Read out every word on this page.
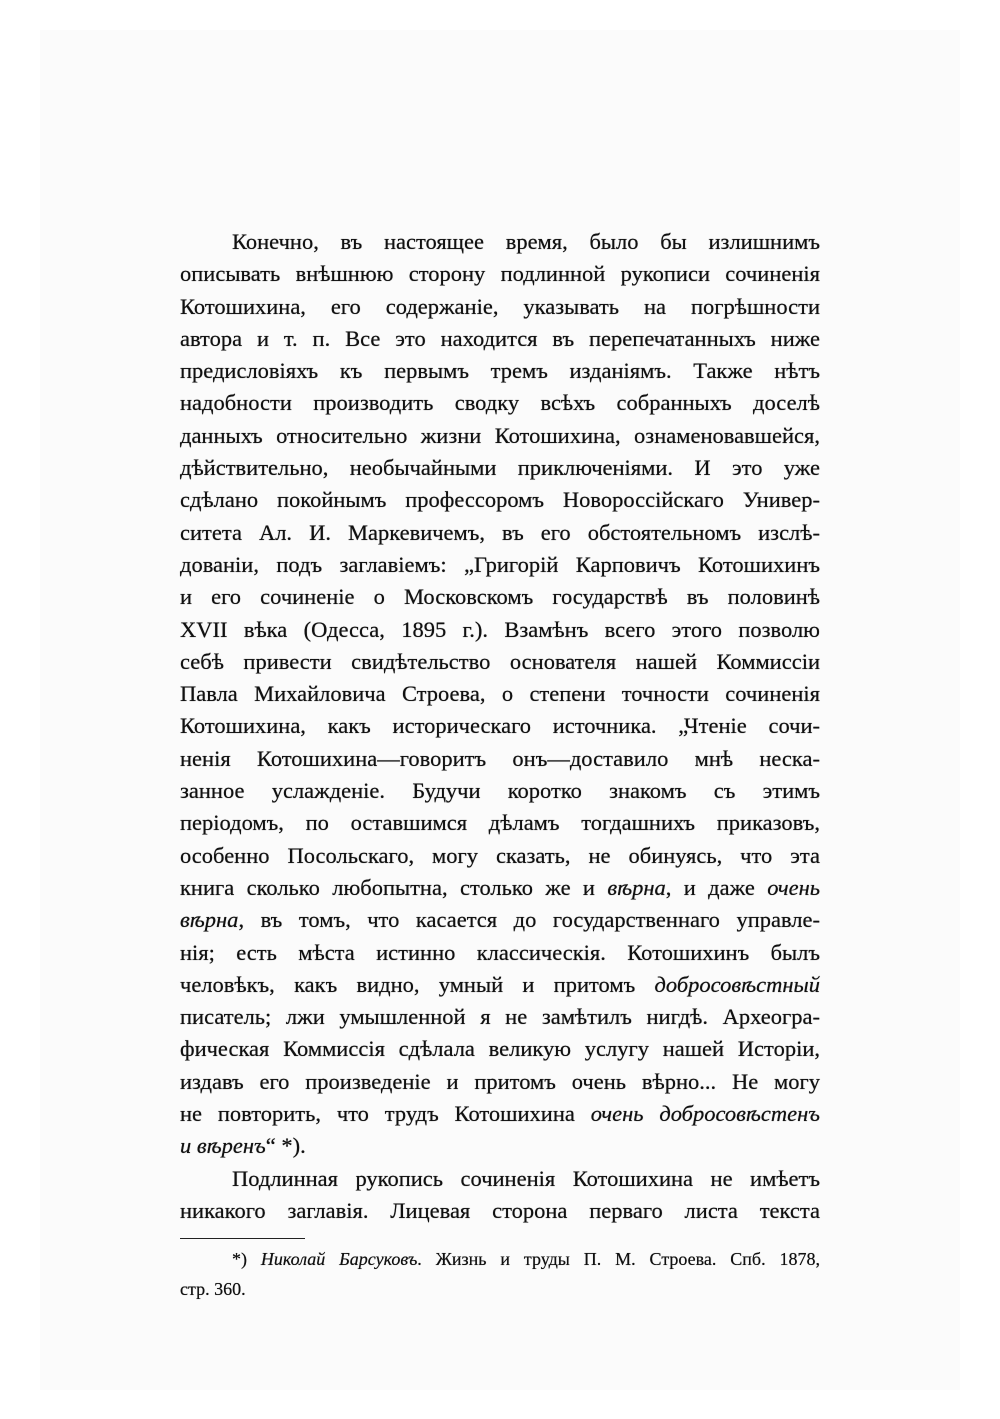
Конечно, въ настоящее время, было бы излишнимъ
описывать внѣшнюю сторону подлинной рукописи сочиненія
Котошихина, его содержаніе, указывать на погрѣшности
автора и т. п. Все это находится въ перепечатанныхъ ниже
предисловіяхъ къ первымъ тремъ изданіямъ. Также нѣтъ
надобности производить сводку всѣхъ собранныхъ доселѣ
данныхъ относительно жизни Котошихина, ознаменовавшейся,
дѣйствительно, необычайными приключеніями. И это уже
сдѣлано покойнымъ профессоромъ Новороссійскаго Универ-
ситета Ал. И. Маркевичемъ, въ его обстоятельномъ изслѣ-
дованіи, подъ заглавіемъ: „Григорій Карповичъ Котошихинъ
и его сочиненіе о Московскомъ государствѣ въ половинѣ
XVII вѣка (Одесса, 1895 г.). Взамѣнъ всего этого позволю
себѣ привести свидѣтельство основателя нашей Коммиссіи
Павла Михайловича Строева, о степени точности сочиненія
Котошихина, какъ историческаго источника. „Чтеніе сочи-
ненія Котошихина—говоритъ онъ—доставило мнѣ неска-
занное услажденіе. Будучи коротко знакомъ съ этимъ
періодомъ, по оставшимся дѣламъ тогдашнихъ приказовъ,
особенно Посольскаго, могу сказать, не обинуясь, что эта
книга сколько любопытна, столько же и вѣрна, и даже очень
вѣрна, въ томъ, что касается до государственнаго управле-
нія; есть мѣста истинно классическія. Котошихинъ былъ
человѣкъ, какъ видно, умный и притомъ добросовѣстный
писатель; лжи умышленной я не замѣтилъ нигдѣ. Археогра-
фическая Коммиссія сдѣлала великую услугу нашей Исторіи,
издавъ его произведеніе и притомъ очень вѣрно... Не могу
не повторить, что трудъ Котошихина очень добросовѣстенъ
и вѣренъ“ *).
Подлинная рукопись сочиненія Котошихина не имѣетъ
никакого заглавія. Лицевая сторона перваго листа текста
*) Николай Барсуковъ. Жизнь и труды П. М. Строева. Спб. 1878,
стр. 360.
